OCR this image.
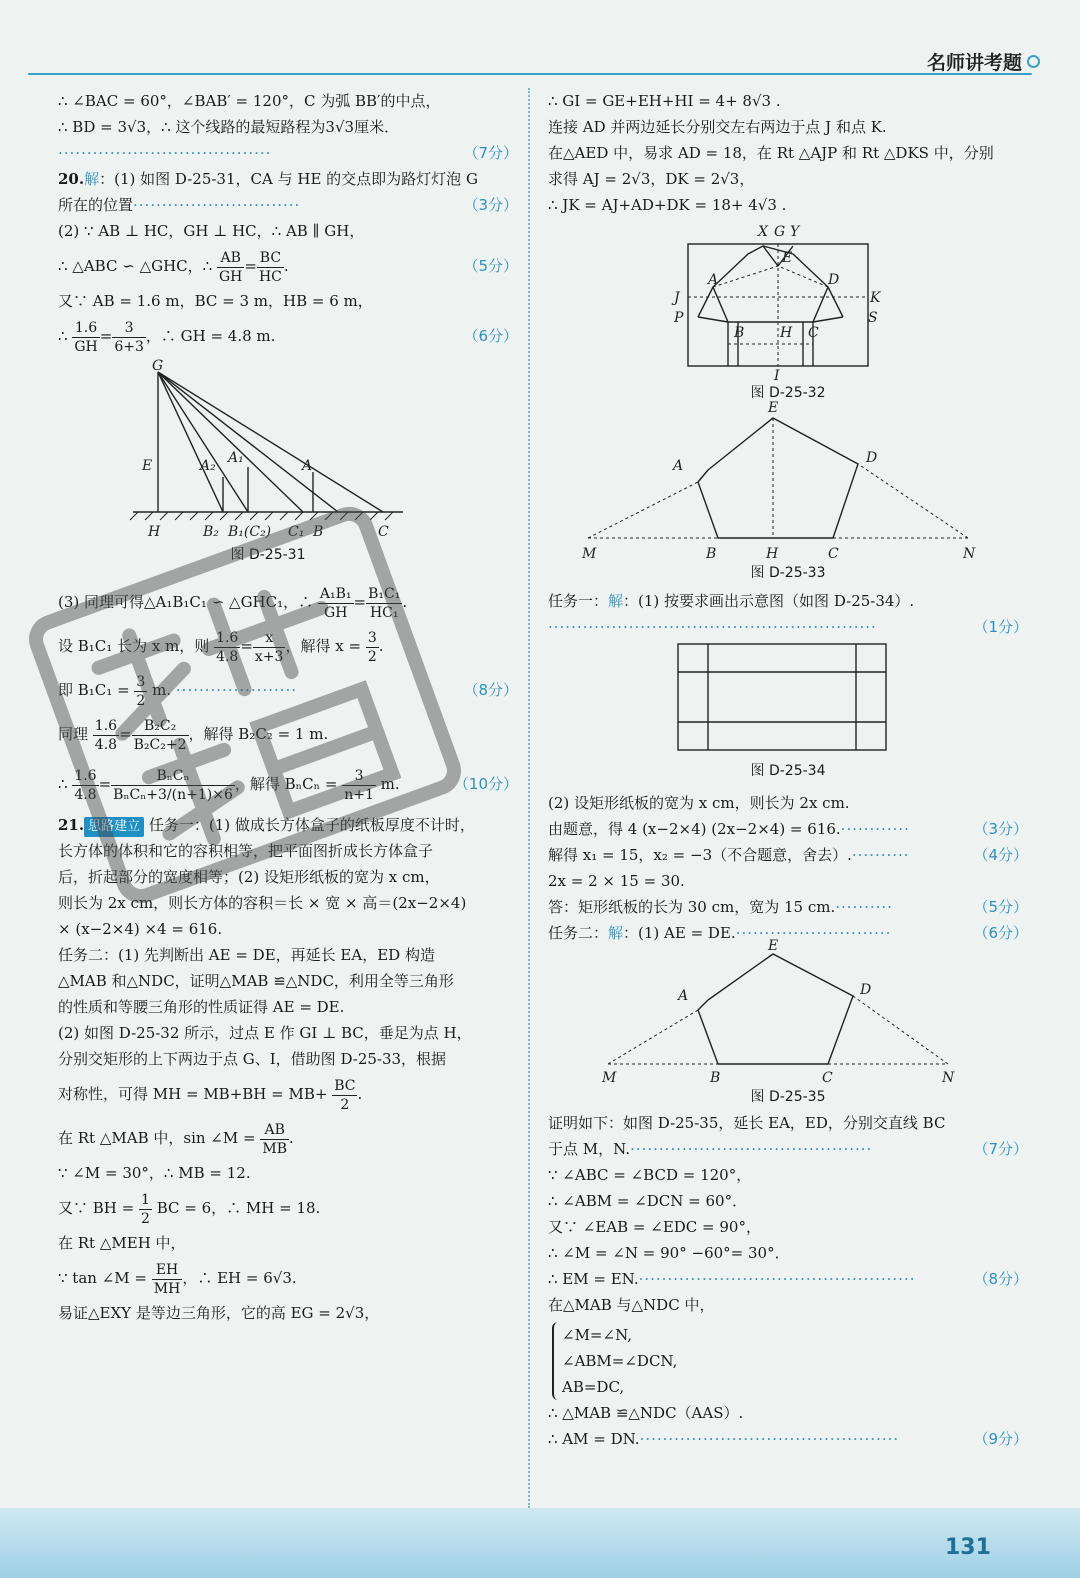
名师讲考题
∴ ∠BAC = 60°，∠BAB′ = 120°，C 为弧 BB′的中点，
∴ BD = 3√3，∴ 这个线路的最短路程为3√3厘米．
·····································	（7分）
20.解：(1) 如图 D-25-31，CA 与 HE 的交点即为路灯灯泡 G
所在的位置·····························	（3分）
(2) ∵ AB ⊥ HC，GH ⊥ HC，∴ AB ∥ GH，
∴ △ABC ∽ △GHC，∴ $\frac{AB}{GH} = \frac{BC}{HC}$ .	（5分）
又∵ AB = 1.6 m，BC = 3 m，HB = 6 m，
∴ $\frac{1.6}{GH} = \frac{3}{6+3}$ ，∴ GH = 4.8 m.	（6分）
G
E	A₂ A₁	A
H	B₂ B₁(C₂) C₁ B	C
图 D-25-31
(3) 同理可得△A₁B₁C₁ ∽ △GHC₁，∴ $\frac{\text{A₁B₁}}{GH} = \frac{\text{B₁C₁}}{\text{HC₁}}$ .
设 B₁C₁ 长为 x m，则 $\frac{1.6}{4.8} = \frac{x}{x+3}$ ，解得 $x = \frac{3}{2}$ .
即 $B_1C_1 = \frac{3}{2} m$. ·····················	（8分）
同理 $\frac{1.6}{4.8} = \frac{\text{B₂C₂}}{\text{B₂C₂+2}}$ ，解得 B₂C₂ = 1 m.
∴ $\frac{1.6}{4.8} = \frac{\text{BₙCₙ}}{\text{BₙCₙ+3/(n+1)×6}}$ ，解得 $B_nC_n = \frac{3}{n+1} m$.	（10分）
21. 思路建立 任务一：(1) 做成长方体盒子的纸板厚度不计时，
长方体的体积和它的容积相等，把平面图折成长方体盒子
后，折起部分的宽度相等；(2) 设矩形纸板的宽为 x cm，
则长为 2x cm，则长方体的容积＝长 × 宽 × 高＝(2x−2×4)
× (x−2×4) ×4 = 616.
任务二：(1) 先判断出 AE = DE，再延长 EA，ED 构造
△MAB 和△NDC，证明△MAB ≌△NDC，利用全等三角形
的性质和等腰三角形的性质证得 AE = DE.
(2) 如图 D-25-32 所示，过点 E 作 GI ⊥ BC，垂足为点 H，
分别交矩形的上下两边于点 G、I，借助图 D-25-33，根据
对称性，可得 MH = $MB+BH = MB+ \frac{BC}{2}$ .
在 Rt △MAB 中，sin ∠M = $\frac{AB}{MB}$ .
∵ ∠M = 30°，∴ MB = 12.
又∵ BH = $\frac{1}{2}$ BC = 6，∴ MH = 18.
在 Rt △MEH 中，
∵ tan ∠M = $\frac{EH}{MH}$ ，∴ EH = 6√3.
易证△EXY 是等边三角形，它的高 EG = 2√3，
∴ GI = GE+EH+HI = 4+ 8√3 .
连接 AD 并两边延长分别交左右两边于点 J 和点 K.
在△AED 中，易求 AD = 18，在 Rt △AJP 和 Rt △DKS 中，分别
求得 AJ = 2√3，DK = 2√3，
∴ JK = AJ+AD+DK = 18+ 4√3 .
X G Y
E
A	D
J	K
P	S
B	H C
I
图 D-25-32
E
A	D
M	B	H	C	N
图 D-25-33
任务一：解：(1) 按要求画出示意图（如图 D-25-34）.
·························································	（1分）
图 D-25-34
(2) 设矩形纸板的宽为 x cm，则长为 2x cm.
由题意，得 4 (x−2×4) (2x−2×4) = 616.············	（3分）
解得 x₁ = 15，x₂ = −3（不合题意，舍去）.··········	（4分）
2x = 2 × 15 = 30.
答：矩形纸板的长为 30 cm，宽为 15 cm.··········	（5分）
任务二：解：(1) AE = DE.···························	（6分）
E
A	D
M	B	C	N
图 D-25-35
证明如下：如图 D-25-35，延长 EA，ED，分别交直线 BC
于点 M，N.··········································	（7分）
∵ ∠ABC = ∠BCD = 120°，
∴ ∠ABM = ∠DCN = 60°．
又∵ ∠EAB = ∠EDC = 90°，
∴ ∠M = ∠N = 90° −60°= 30°．
∴ EM = EN.················································	（8分）
在△MAB 与△NDC 中，
∠M=∠N,
∠ABM=∠DCN,
AB=DC,
∴ △MAB ≌△NDC（AAS）.
∴ AM = DN.·············································	（9分）
131
